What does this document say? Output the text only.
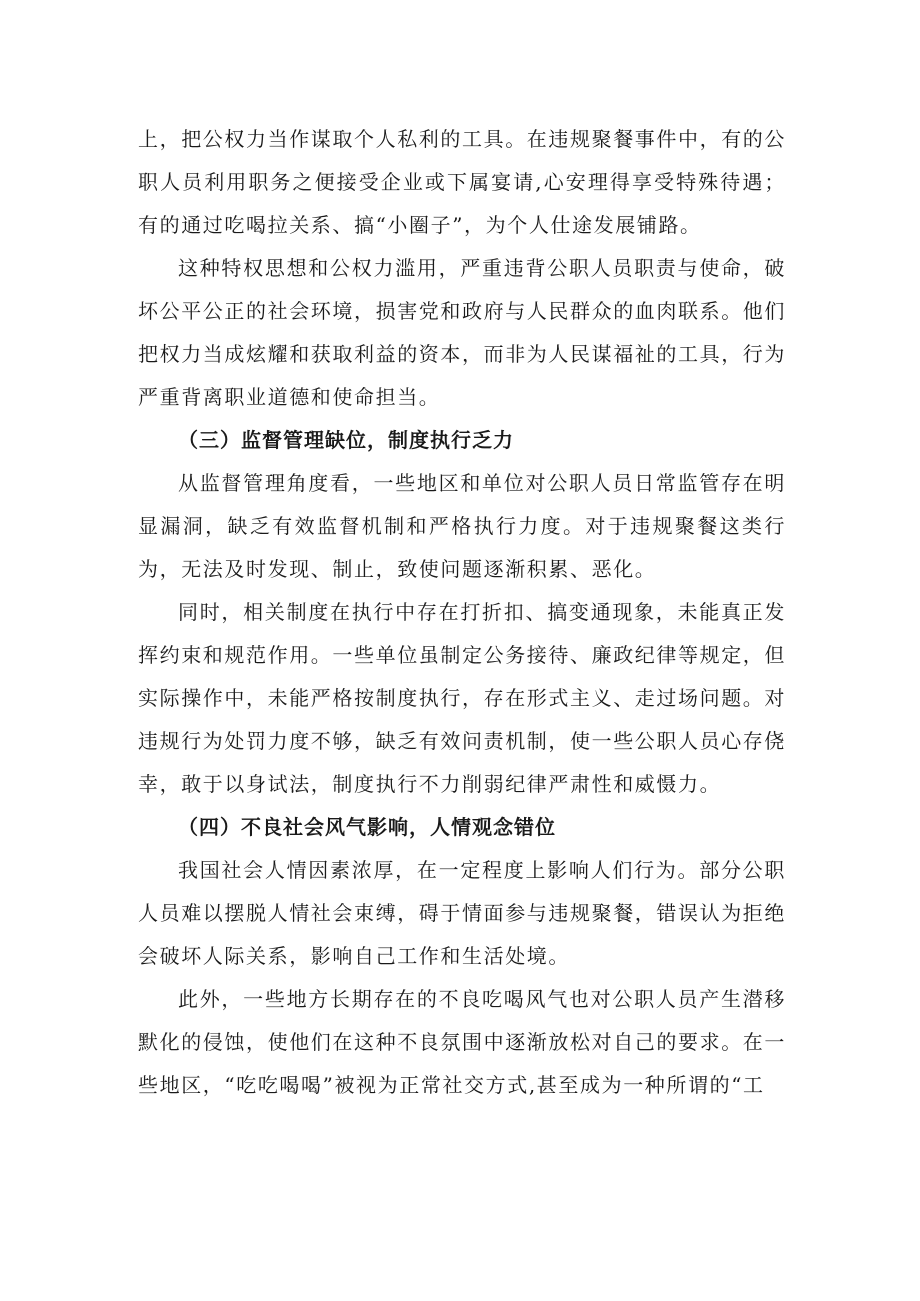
上，把公权力当作谋取个人私利的工具。在违规聚餐事件中，有的公职人员利用职务之便接受企业或下属宴请,心安理得享受特殊待遇；有的通过吃喝拉关系、搞“小圈子”，为个人仕途发展铺路。

这种特权思想和公权力滥用，严重违背公职人员职责与使命，破坏公平公正的社会环境，损害党和政府与人民群众的血肉联系。他们把权力当成炫耀和获取利益的资本，而非为人民谋福祉的工具，行为严重背离职业道德和使命担当。

（三）监督管理缺位，制度执行乏力

从监督管理角度看，一些地区和单位对公职人员日常监管存在明显漏洞，缺乏有效监督机制和严格执行力度。对于违规聚餐这类行为，无法及时发现、制止，致使问题逐渐积累、恶化。

同时，相关制度在执行中存在打折扣、搞变通现象，未能真正发挥约束和规范作用。一些单位虽制定公务接待、廉政纪律等规定，但实际操作中，未能严格按制度执行，存在形式主义、走过场问题。对违规行为处罚力度不够，缺乏有效问责机制，使一些公职人员心存侥幸，敢于以身试法，制度执行不力削弱纪律严肃性和威慑力。

（四）不良社会风气影响，人情观念错位

我国社会人情因素浓厚，在一定程度上影响人们行为。部分公职人员难以摆脱人情社会束缚，碍于情面参与违规聚餐，错误认为拒绝会破坏人际关系，影响自己工作和生活处境。

此外，一些地方长期存在的不良吃喝风气也对公职人员产生潜移默化的侵蚀，使他们在这种不良氛围中逐渐放松对自己的要求。在一些地区，“吃吃喝喝”被视为正常社交方式,甚至成为一种所谓的“工
